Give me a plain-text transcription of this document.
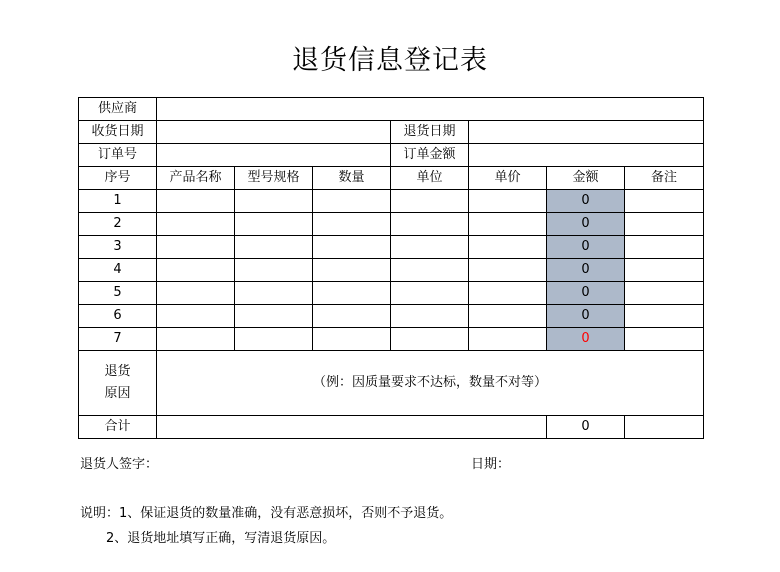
退货信息登记表
供应商							
收货日期				退货日期			
订单号				订单金额			
序号	产品名称	型号规格	数量	单位	单价	金额	备注
1						0	
2						0	
3						0	
4						0	
5						0	
6						0	
7						0	

退货
原因	（例：因质量要求不达标，数量不对等）						
合计						0	
退货人签字：	日期：
说明：1、保证退货的数量准确，没有恶意损坏，否则不予退货。
2、退货地址填写正确，写清退货原因。
